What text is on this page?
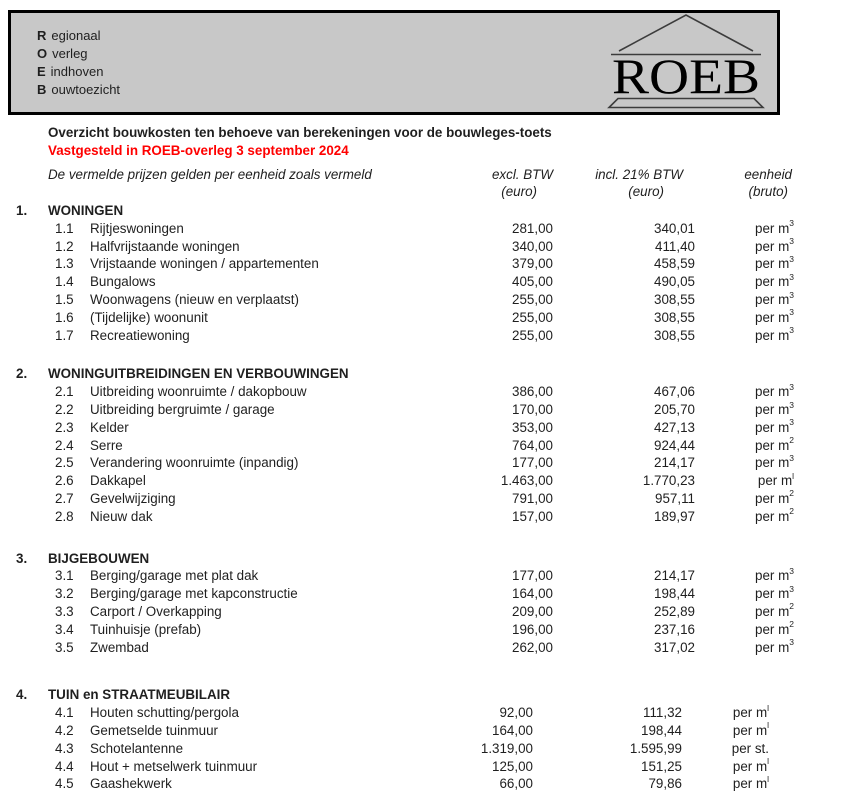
R egionaal
O verleg
E indhoven
B ouwtoezicht	ROEB
Overzicht bouwkosten ten behoeve van berekeningen voor de bouwleges-toets
Vastgesteld in ROEB-overleg 3 september 2024
De vermelde prijzen gelden per eenheid zoals vermeld	excl. BTW	incl. 21% BTW	eenheid
(euro)	(euro)	(bruto)
1.	WONINGEN
1.1	Rijtjeswoningen	281,00	340,01	per $m^3$
1.2	Halfvrijstaande woningen	340,00	411,40	per $m^3$
1.3	Vrijstaande woningen / appartementen	379,00	458,59	per $m^3$
1.4	Bungalows	405,00	490,05	per $m^3$
1.5	Woonwagens (nieuw en verplaatst)	255,00	308,55	per $m^3$
1.6	(Tijdelijke) woonunit	255,00	308,55	per $m^3$
1.7	Recreatiewoning	255,00	308,55	per $m^3$
2.	WONINGUITBREIDINGEN EN VERBOUWINGEN
2.1	Uitbreiding woonruimte / dakopbouw	386,00	467,06	per $m^3$
2.2	Uitbreiding bergruimte / garage	170,00	205,70	per $m^3$
2.3	Kelder	353,00	427,13	per $m^3$
2.4	Serre	764,00	924,44	per $m^2$
2.5	Verandering woonruimte (inpandig)	177,00	214,17	per $m^3$
2.6	Dakkapel	1.463,00	1.770,23	per $m^l$
2.7	Gevelwijziging	791,00	957,11	per $m^2$
2.8	Nieuw dak	157,00	189,97	per $m^2$
3.	BIJGEBOUWEN
3.1	Berging/garage met plat dak	177,00	214,17	per $m^3$
3.2	Berging/garage met kapconstructie	164,00	198,44	per $m^3$
3.3	Carport / Overkapping	209,00	252,89	per $m^2$
3.4	Tuinhuisje (prefab)	196,00	237,16	per $m^2$
3.5	Zwembad	262,00	317,02	per $m^3$
4.	TUIN en STRAATMEUBILAIR
4.1	Houten schutting/pergola	92,00	111,32	per $m^l$
4.2	Gemetselde tuinmuur	164,00	198,44	per $m^l$
4.3	Schotelantenne	1.319,00	1.595,99	per st.
4.4	Hout + metselwerk tuinmuur	125,00	151,25	per $m^l$
4.5	Gaashekwerk	66,00	79,86	per $m^l$
